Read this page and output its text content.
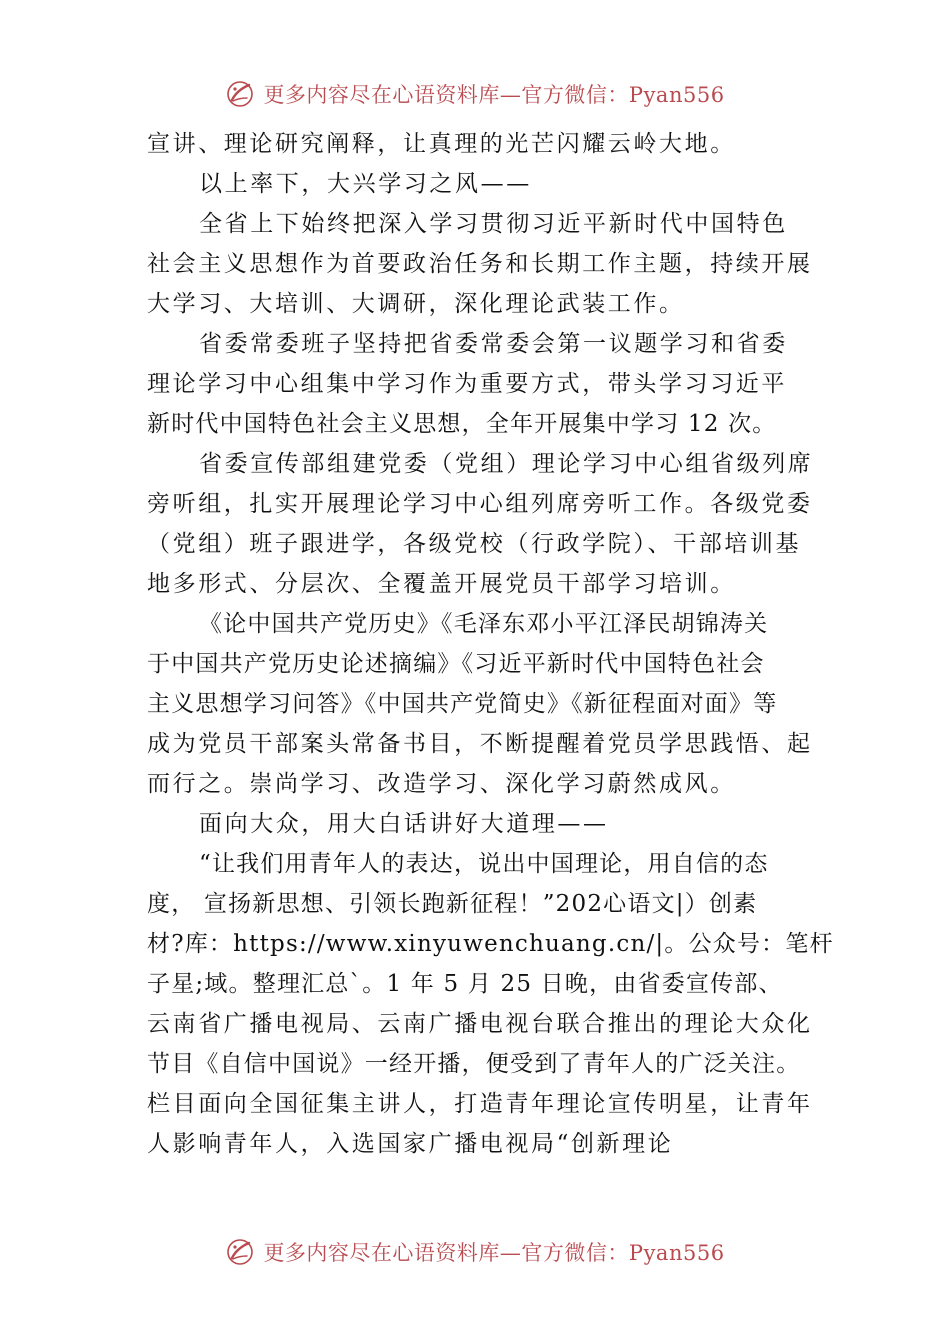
更多内容尽在心语资料库—官方微信：Pyan556
宣讲、理论研究阐释，让真理的光芒闪耀云岭大地。
以上率下，大兴学习之风——
全省上下始终把深入学习贯彻习近平新时代中国特色
社会主义思想作为首要政治任务和长期工作主题，持续开展
大学习、大培训、大调研，深化理论武装工作。
省委常委班子坚持把省委常委会第一议题学习和省委
理论学习中心组集中学习作为重要方式，带头学习习近平
新时代中国特色社会主义思想，全年开展集中学习 12 次。
省委宣传部组建党委（党组）理论学习中心组省级列席
旁听组，扎实开展理论学习中心组列席旁听工作。各级党委
（党组）班子跟进学，各级党校（行政学院）、干部培训基
地多形式、分层次、全覆盖开展党员干部学习培训。
《论中国共产党历史》《毛泽东邓小平江泽民胡锦涛关
于中国共产党历史论述摘编》《习近平新时代中国特色社会
主义思想学习问答》《中国共产党简史》《新征程面对面》等
成为党员干部案头常备书目，不断提醒着党员学思践悟、起
而行之。崇尚学习、改造学习、深化学习蔚然成风。
面向大众，用大白话讲好大道理——
“让我们用青年人的表达，说出中国理论，用自信的态
度， 宣扬新思想、引领长跑新征程！”202心语文|）创素
材?库：https://www.xinyuwenchuang.cn/|。公众号：笔杆
子星;域。整理汇总`。1 年 5 月 25 日晚，由省委宣传部、
云南省广播电视局、云南广播电视台联合推出的理论大众化
节目《自信中国说》一经开播，便受到了青年人的广泛关注。
栏目面向全国征集主讲人，打造青年理论宣传明星，让青年
人影响青年人，入选国家广播电视局“创新理论
更多内容尽在心语资料库—官方微信：Pyan556
